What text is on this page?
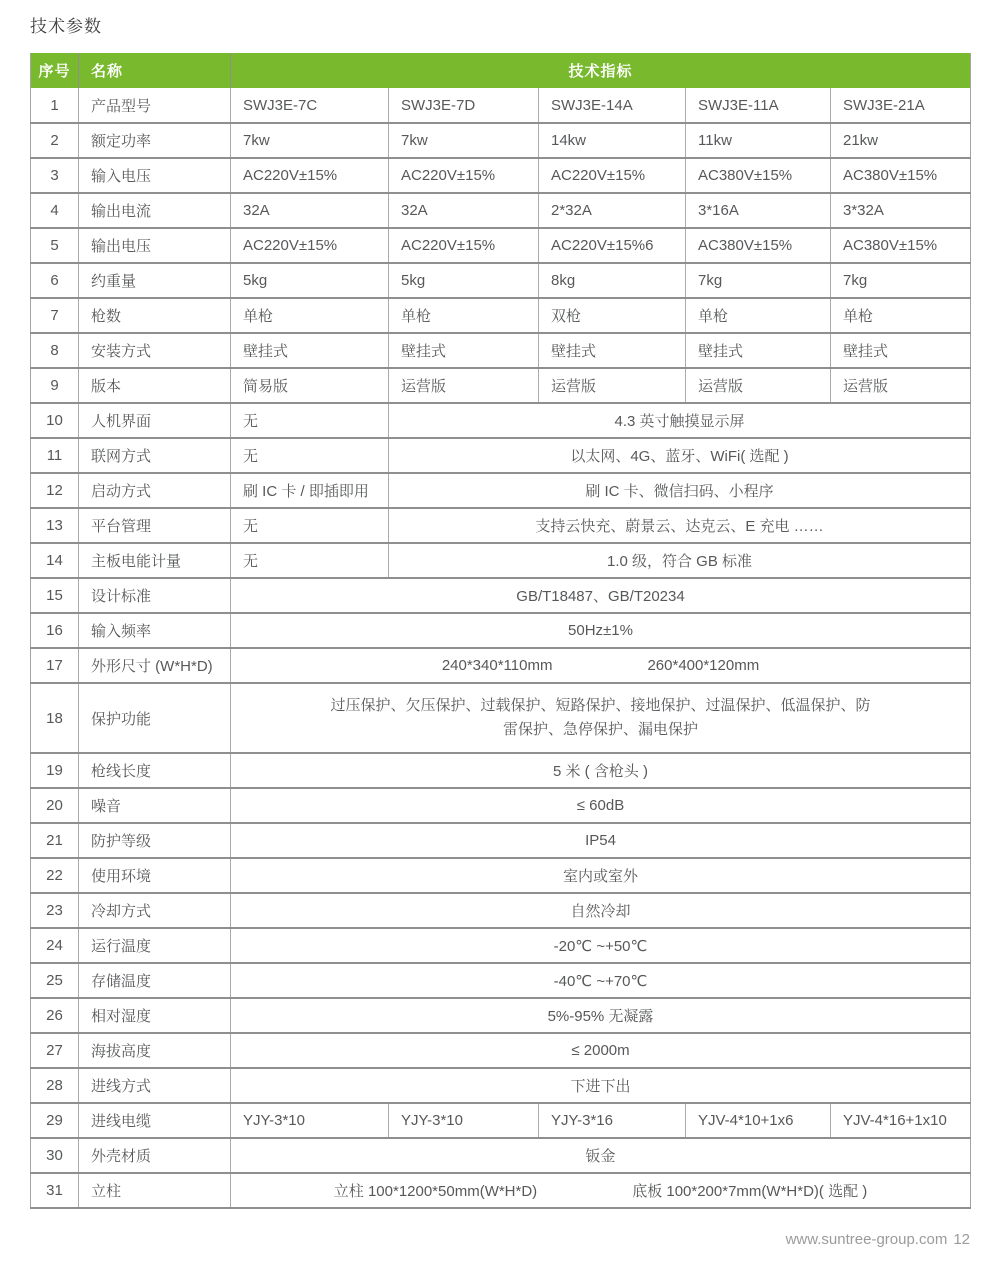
技术参数
序号	名称	技术指标				
1	产品型号	SWJ3E-7C	SWJ3E-7D	SWJ3E-14A	SWJ3E-11A	SWJ3E-21A
2	额定功率	7kw	7kw	14kw	11kw	21kw
3	输入电压	AC220V±15%	AC220V±15%	AC220V±15%	AC380V±15%	AC380V±15%
4	输出电流	32A	32A	2*32A	3*16A	3*32A
5	输出电压	AC220V±15%	AC220V±15%	AC220V±15%6	AC380V±15%	AC380V±15%
6	约重量	5kg	5kg	8kg	7kg	7kg
7	枪数	单枪	单枪	双枪	单枪	单枪
8	安装方式	壁挂式	壁挂式	壁挂式	壁挂式	壁挂式
9	版本	简易版	运营版	运营版	运营版	运营版
10	人机界面	无	4.3 英寸触摸显示屏			
11	联网方式	无	以太网、4G、蓝牙、WiFi( 选配 )			
12	启动方式	刷 IC 卡 / 即插即用	刷 IC 卡、微信扫码、小程序			
13	平台管理	无	支持云快充、蔚景云、达克云、E 充电 ……			
14	主板电能计量	无	1.0 级，符合 GB 标准			
15	设计标准	GB/T18487、GB/T20234				
16	输入频率	50Hz±1%				
17	外形尺寸 (W*H*D)	240*340*110mm 260*400*120mm				

18	保护功能	过压保护、欠压保护、过载保护、短路保护、接地保护、过温保护、低温保护、防雷保护、急停保护、漏电保护				
19	枪线长度	5 米 ( 含枪头 )				
20	噪音	≤ 60dB				
21	防护等级	IP54				
22	使用环境	室内或室外				
23	冷却方式	自然冷却				
24	运行温度	-20℃ ~+50℃				
25	存储温度	-40℃ ~+70℃				
26	相对湿度	5%-95% 无凝露				
27	海拔高度	≤ 2000m				
28	进线方式	下进下出				
29	进线电缆	YJY-3*10	YJY-3*10	YJY-3*16	YJV-4*10+1x6	YJV-4*16+1x10
30	外壳材质	钣金				
31	立柱	立柱 100*1200*50mm(W*H*D) 底板 100*200*7mm(W*H*D)( 选配 )				
www.suntree-group.com 12
